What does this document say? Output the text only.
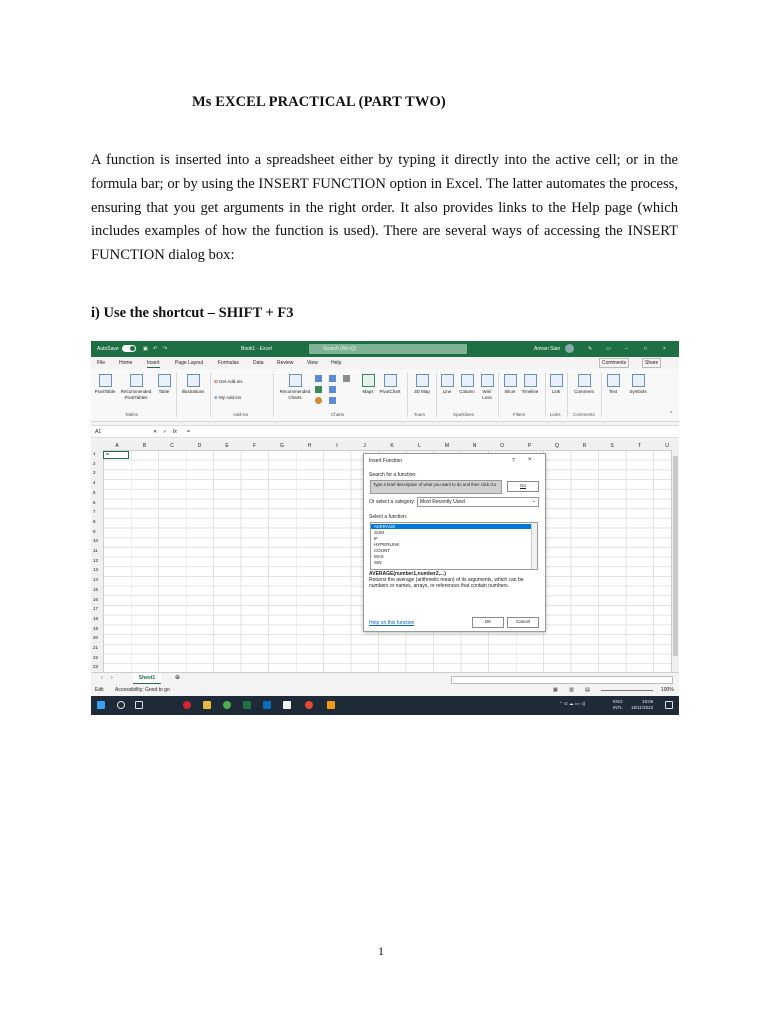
Ms EXCEL PRACTICAL (PART TWO)
A function is inserted into a spreadsheet either by typing it directly into the active cell; or in the formula bar; or by using the INSERT FUNCTION option in Excel. The latter automates the process, ensuring that you get arguments in the right order. It also provides links to the Help page (which includes examples of how the function is used). There are several ways of accessing the INSERT FUNCTION dialog box:
i) Use the shortcut – SHIFT + F3
AutoSave	▣ ↶ ↷	Book1 - Excel	Search (Alt+Q)	Amran Sian	✎	▭	–	□	×
File	Home	Insert	Page Layout	Formulas	Data	Review	View	Help	Comments	Share
PivotTable	Recommended PivotTables
Table
Tables
Illustrations
⊞ Get Add-ins
⊕ My Add-ins
Add-ins
Recommended Charts
Maps	PivotChart
Charts
3D Map
Tours
Line	Column	Win/ Loss
Sparklines
Slicer	Timeline
Filters
Link
Links
Comment
Comments
Text	Symbols
⌃
A1	✕ ✓ fx =
A	B	C	D	E	F	G	H	I	J	K	L	M	N	O	P	Q	R	S	T	U
1
2
3
4
5
6
7
8
9
10
11
12
13
14
15
16
17
18
19
20
21
22
23
=
Insert Function	? ×
Search for a function:
Type a brief description of what you want to do and then click Go	Go
Or select a category: Most Recently Used	⌄
Select a function:
AVERAGE
SUM
IF
HYPERLINK
COUNT
MAX
SIN
AVERAGE(number1,number2,...)
Returns the average (arithmetic mean) of its arguments, which can be numbers or names, arrays, or references that contain numbers.
Help on this function	OK	Cancel
‹ ›	Sheet1	⊕
Edit Accessibility: Good to go	▦ ▥ ▤	100%
⌃ ⊙ ☁ ▭ ◁)	ENG
INTL
19:06
18/11/2022
1
